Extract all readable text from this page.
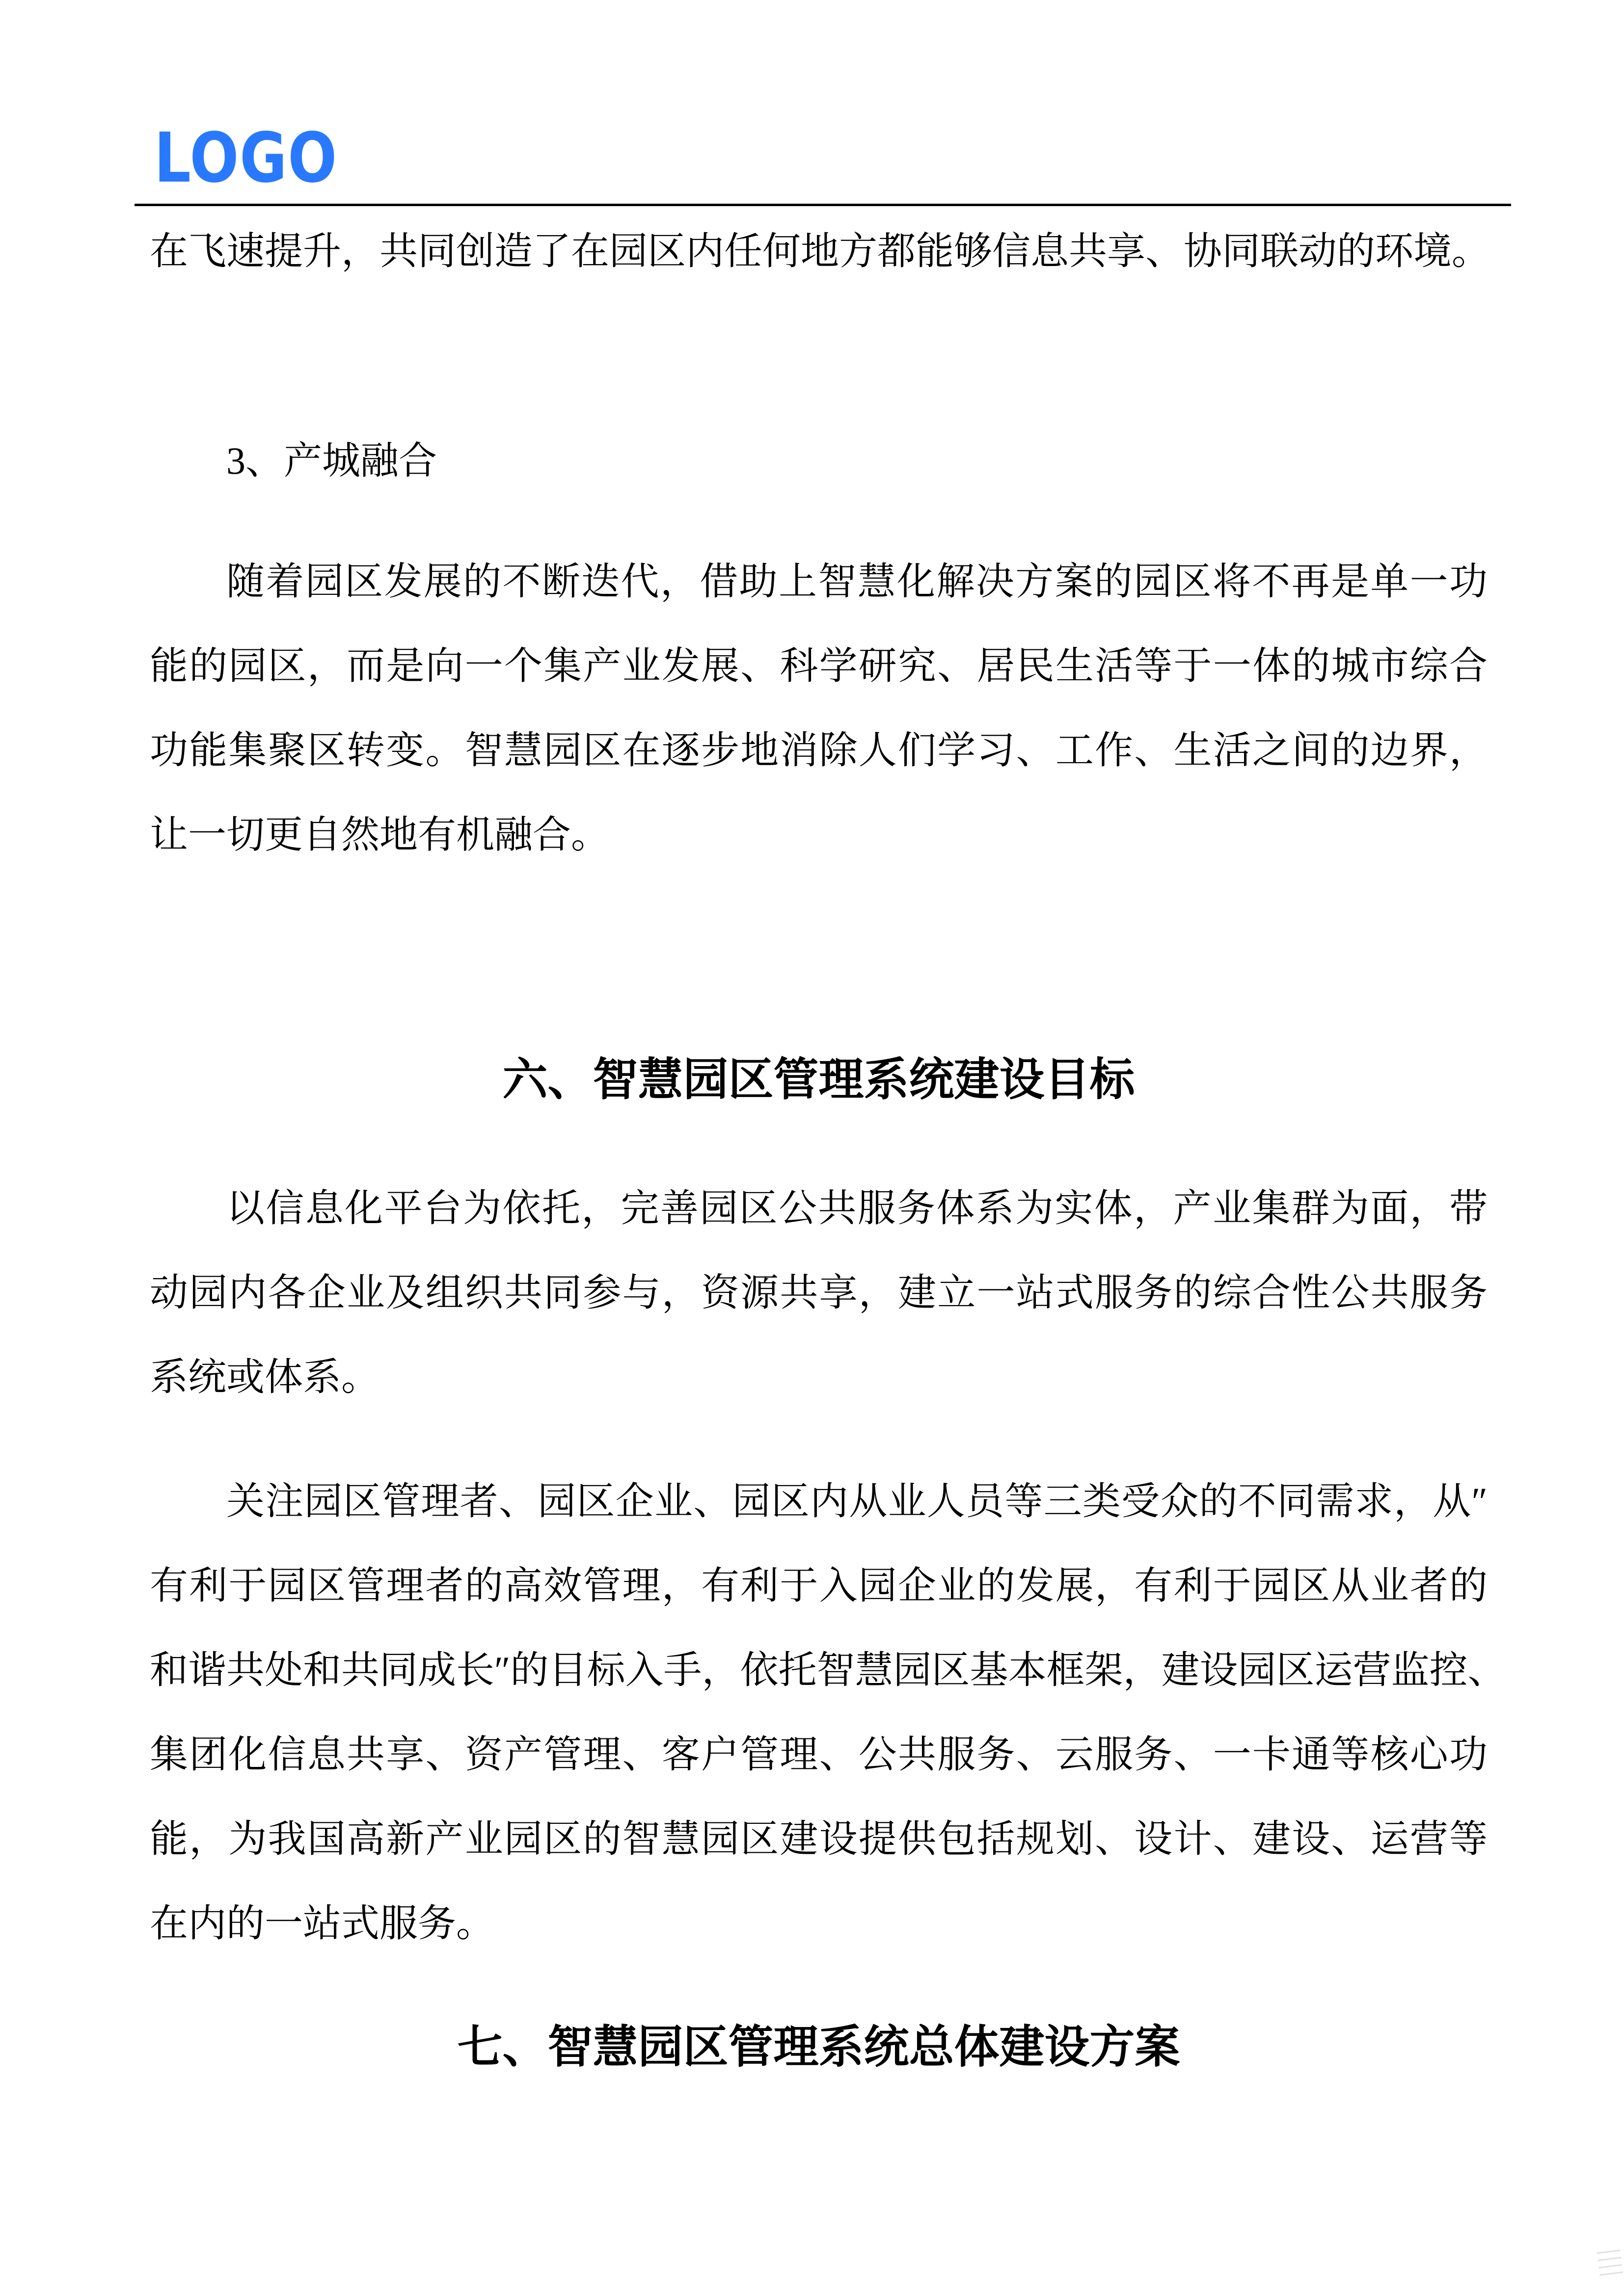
LOGO
在飞速提升，共同创造了在园区内任何地方都能够信息共享、协同联动的环境。
3、产城融合
随着园区发展的不断迭代，借助上智慧化解决方案的园区将不再是单一功
能的园区，而是向一个集产业发展、科学研究、居民生活等于一体的城市综合
功能集聚区转变。智慧园区在逐步地消除人们学习、工作、生活之间的边界，
让一切更自然地有机融合。
六、智慧园区管理系统建设目标
以信息化平台为依托，完善园区公共服务体系为实体，产业集群为面，带
动园内各企业及组织共同参与，资源共享，建立一站式服务的综合性公共服务
系统或体系。
关注园区管理者、园区企业、园区内从业人员等三类受众的不同需求，从″
有利于园区管理者的高效管理，有利于入园企业的发展，有利于园区从业者的
和谐共处和共同成长″的目标入手，依托智慧园区基本框架，建设园区运营监控、
集团化信息共享、资产管理、客户管理、公共服务、云服务、一卡通等核心功
能，为我国高新产业园区的智慧园区建设提供包括规划、设计、建设、运营等
在内的一站式服务。
七、智慧园区管理系统总体建设方案
